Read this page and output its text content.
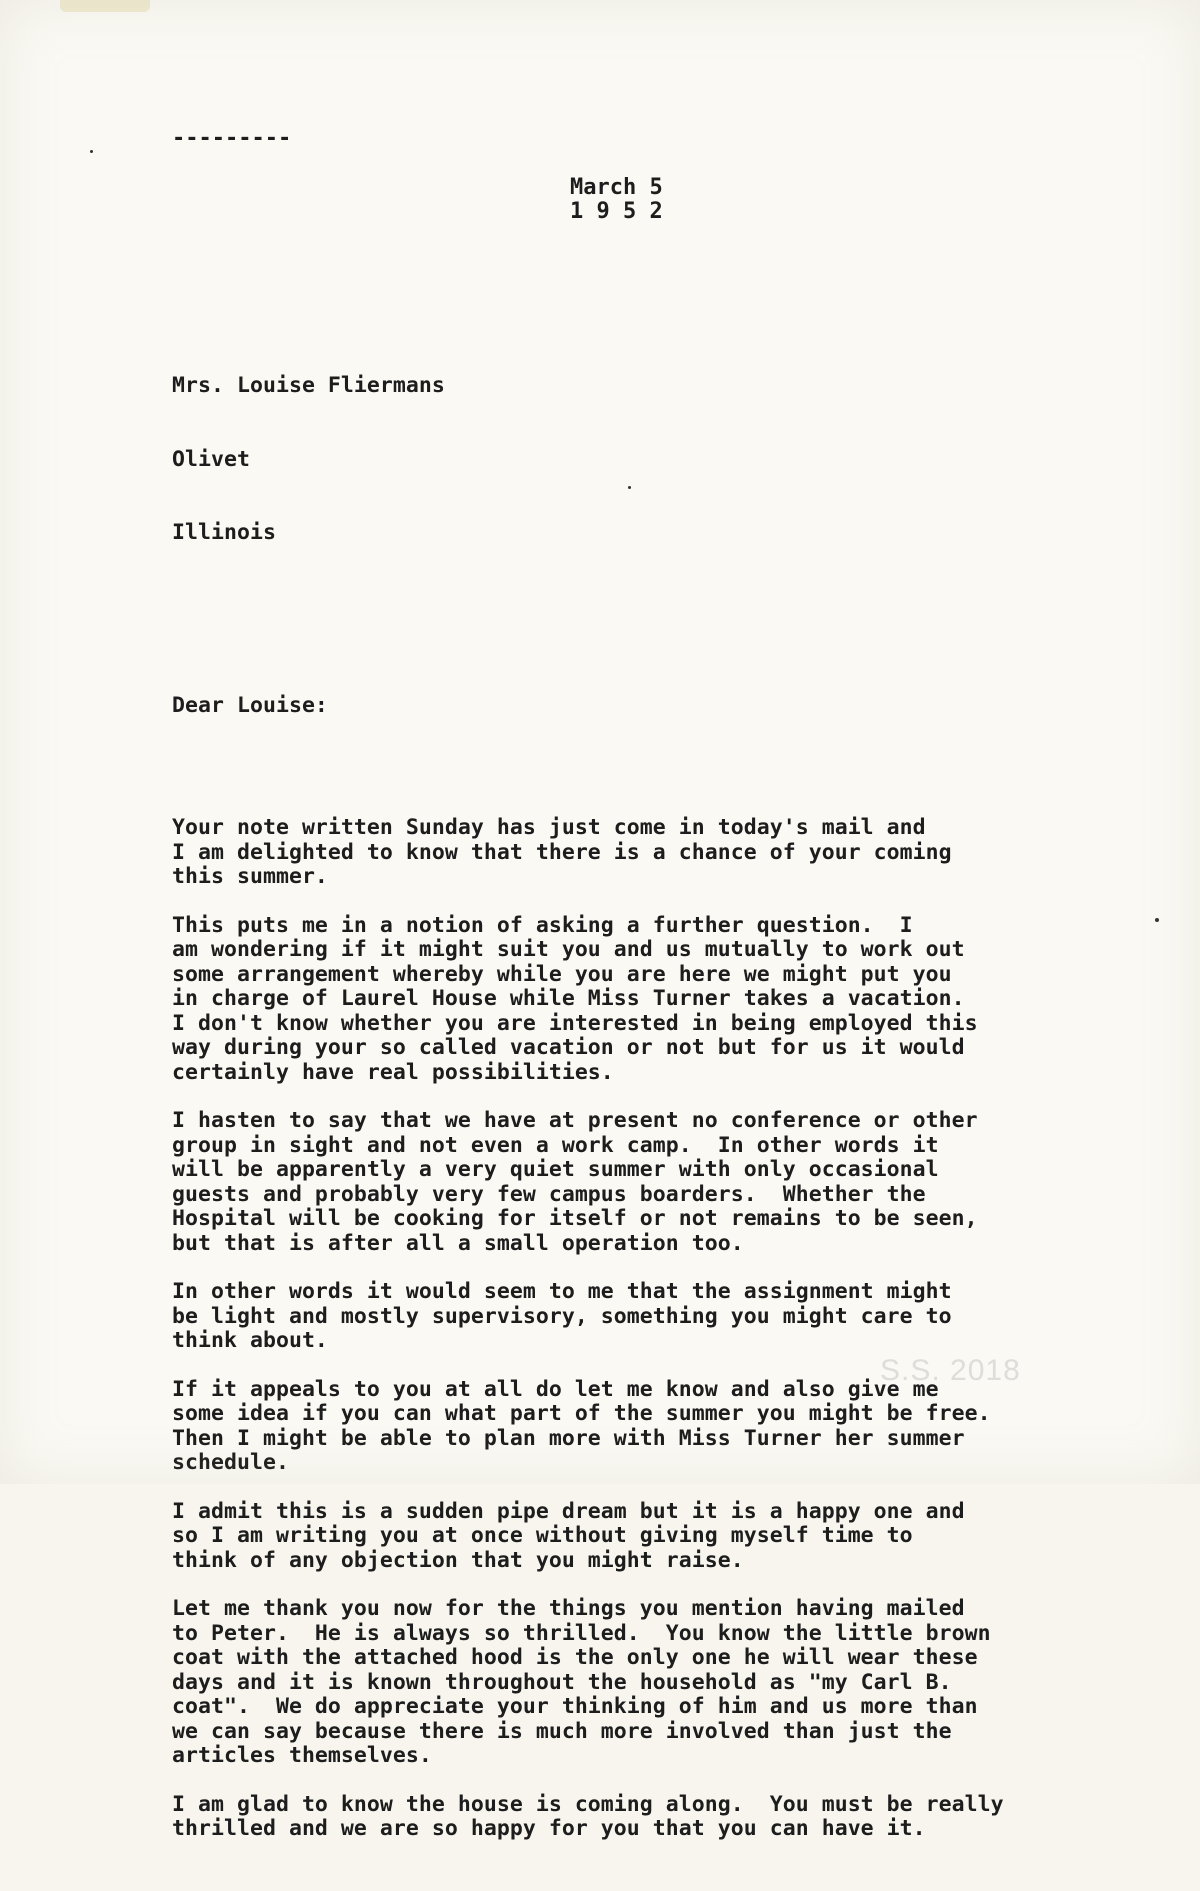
---------
March 5
1 9 5 2

Mrs. Louise Fliermans

Olivet

Illinois

Dear Louise:

Your note written Sunday has just come in today's mail and
I am delighted to know that there is a chance of your coming
this summer.
This puts me in a notion of asking a further question.  I
am wondering if it might suit you and us mutually to work out
some arrangement whereby while you are here we might put you
in charge of Laurel House while Miss Turner takes a vacation.
I don't know whether you are interested in being employed this
way during your so called vacation or not but for us it would
certainly have real possibilities.
I hasten to say that we have at present no conference or other
group in sight and not even a work camp.  In other words it
will be apparently a very quiet summer with only occasional
guests and probably very few campus boarders.  Whether the
Hospital will be cooking for itself or not remains to be seen,
but that is after all a small operation too.
In other words it would seem to me that the assignment might
be light and mostly supervisory, something you might care to
think about.
If it appeals to you at all do let me know and also give me
some idea if you can what part of the summer you might be free.
Then I might be able to plan more with Miss Turner her summer
schedule.
I admit this is a sudden pipe dream but it is a happy one and
so I am writing you at once without giving myself time to
think of any objection that you might raise.
Let me thank you now for the things you mention having mailed
to Peter.  He is always so thrilled.  You know the little brown
coat with the attached hood is the only one he will wear these
days and it is known throughout the household as "my Carl B.
coat".  We do appreciate your thinking of him and us more than
we can say because there is much more involved than just the
articles themselves.
I am glad to know the house is coming along.  You must be really
thrilled and we are so happy for you that you can have it.

S.S. 2018
